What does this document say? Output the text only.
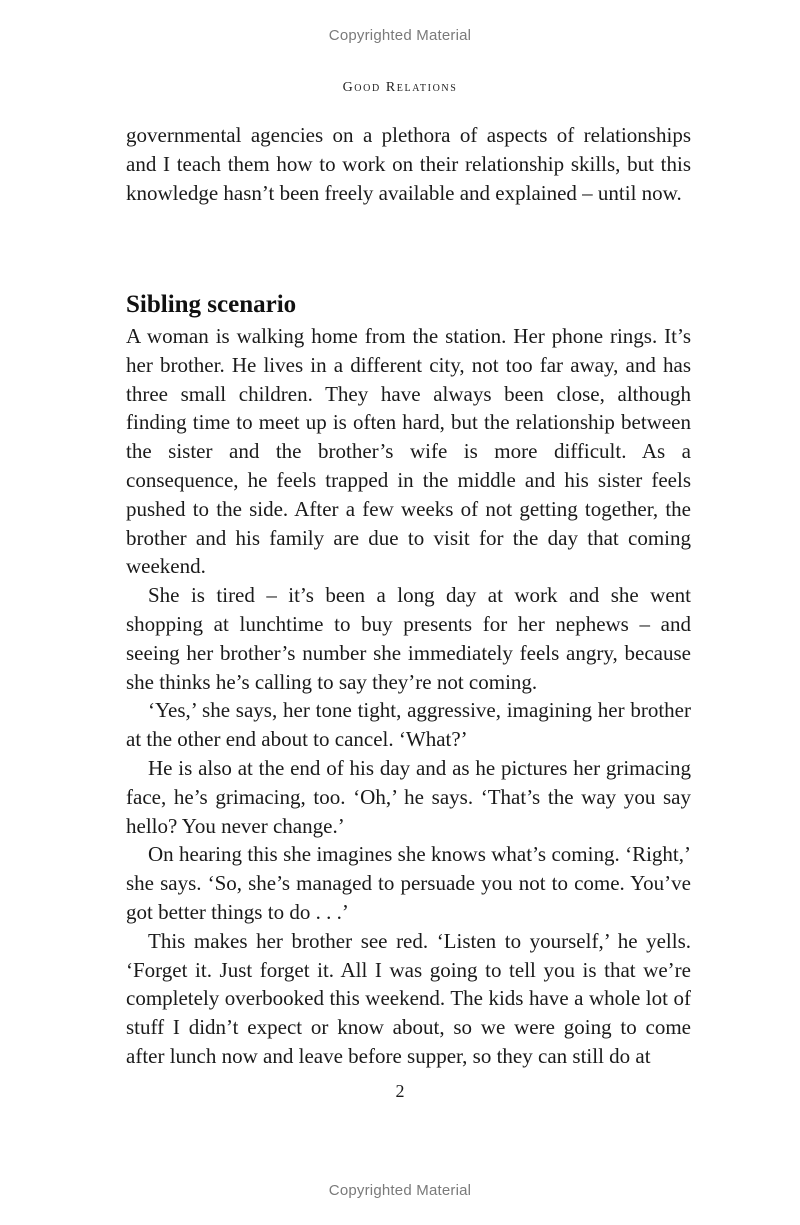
Copyrighted Material
Good Relations

governmental agencies on a plethora of aspects of relationships and I teach them how to work on their relationship skills, but this knowledge hasn’t been freely available and explained – until now.

Sibling scenario

A woman is walking home from the station. Her phone rings. It’s her brother. He lives in a different city, not too far away, and has three small children. They have always been close, although finding time to meet up is often hard, but the relationship between the sister and the brother’s wife is more difficult. As a consequence, he feels trapped in the middle and his sister feels pushed to the side. After a few weeks of not getting together, the brother and his family are due to visit for the day that coming weekend.

She is tired – it’s been a long day at work and she went shopping at lunchtime to buy presents for her nephews – and seeing her brother’s number she immediately feels angry, because she thinks he’s calling to say they’re not coming.

‘Yes,’ she says, her tone tight, aggressive, imagining her brother at the other end about to cancel. ‘What?’

He is also at the end of his day and as he pictures her grimacing face, he’s grimacing, too. ‘Oh,’ he says. ‘That’s the way you say hello? You never change.’

On hearing this she imagines she knows what’s coming. ‘Right,’ she says. ‘So, she’s managed to persuade you not to come. You’ve got better things to do . . .’

This makes her brother see red. ‘Listen to yourself,’ he yells. ‘Forget it. Just forget it. All I was going to tell you is that we’re completely overbooked this weekend. The kids have a whole lot of stuff I didn’t expect or know about, so we were going to come after lunch now and leave before supper, so they can still do at

2
Copyrighted Material
